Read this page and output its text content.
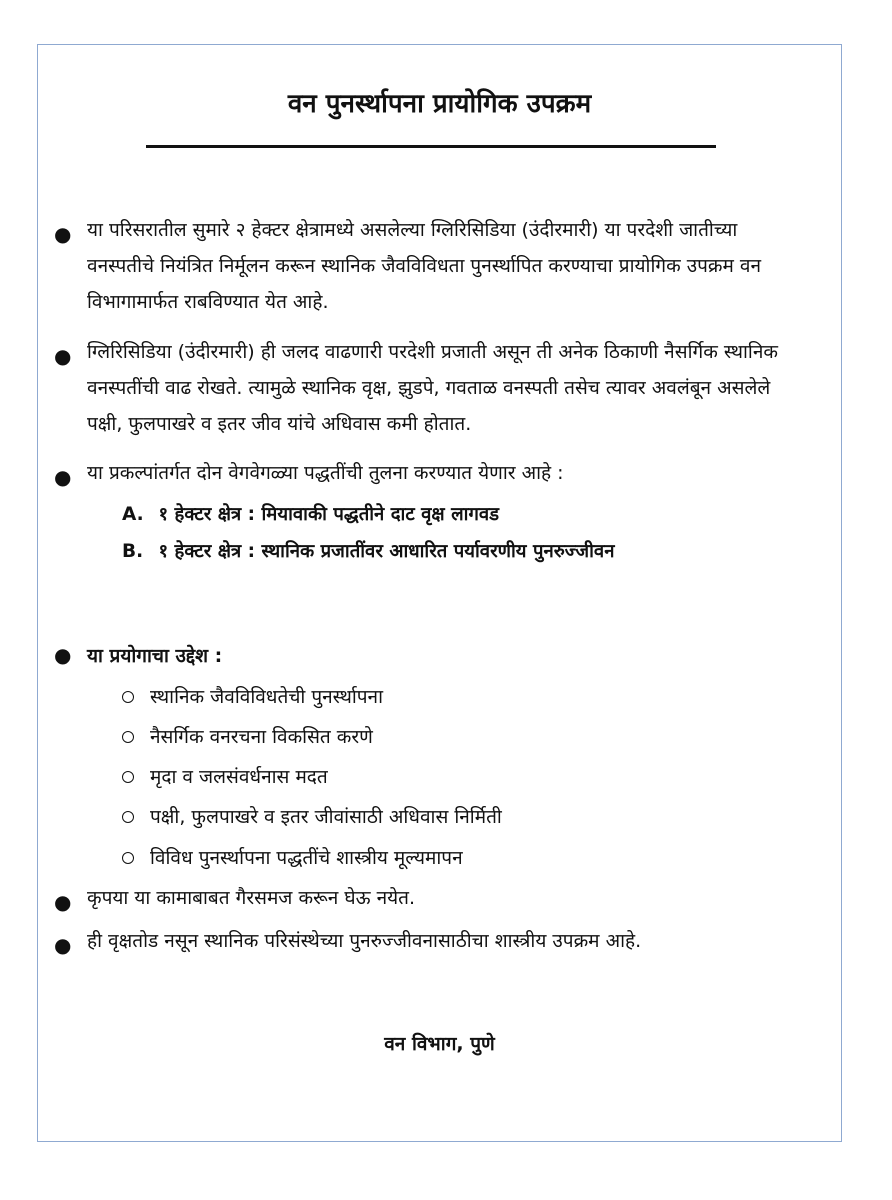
वन पुनर्स्थापना प्रायोगिक उपक्रम
● या परिसरातील सुमारे २ हेक्टर क्षेत्रामध्ये असलेल्या ग्लिरिसिडिया (उंदीरमारी) या परदेशी जातीच्या वनस्पतीचे नियंत्रित निर्मूलन करून स्थानिक जैवविविधता पुनर्स्थापित करण्याचा प्रायोगिक उपक्रम वन विभागामार्फत राबविण्यात येत आहे.

● ग्लिरिसिडिया (उंदीरमारी) ही जलद वाढणारी परदेशी प्रजाती असून ती अनेक ठिकाणी नैसर्गिक स्थानिक वनस्पतींची वाढ रोखते. त्यामुळे स्थानिक वृक्ष, झुडपे, गवताळ वनस्पती तसेच त्यावर अवलंबून असलेले पक्षी, फुलपाखरे व इतर जीव यांचे अधिवास कमी होतात.

● या प्रकल्पांतर्गत दोन वेगवेगळ्या पद्धतींची तुलना करण्यात येणार आहे :

A. १ हेक्टर क्षेत्र : मियावाकी पद्धतीने दाट वृक्ष लागवड
B. १ हेक्टर क्षेत्र : स्थानिक प्रजातींवर आधारित पर्यावरणीय पुनरुज्जीवन
● या प्रयोगाचा उद्देश :
स्थानिक जैवविविधतेची पुनर्स्थापना
नैसर्गिक वनरचना विकसित करणे
मृदा व जलसंवर्धनास मदत
पक्षी, फुलपाखरे व इतर जीवांसाठी अधिवास निर्मिती
विविध पुनर्स्थापना पद्धतींचे शास्त्रीय मूल्यमापन
● कृपया या कामाबाबत गैरसमज करून घेऊ नयेत.

● ही वृक्षतोड नसून स्थानिक परिसंस्थेच्या पुनरुज्जीवनासाठीचा शास्त्रीय उपक्रम आहे.

वन विभाग, पुणे
